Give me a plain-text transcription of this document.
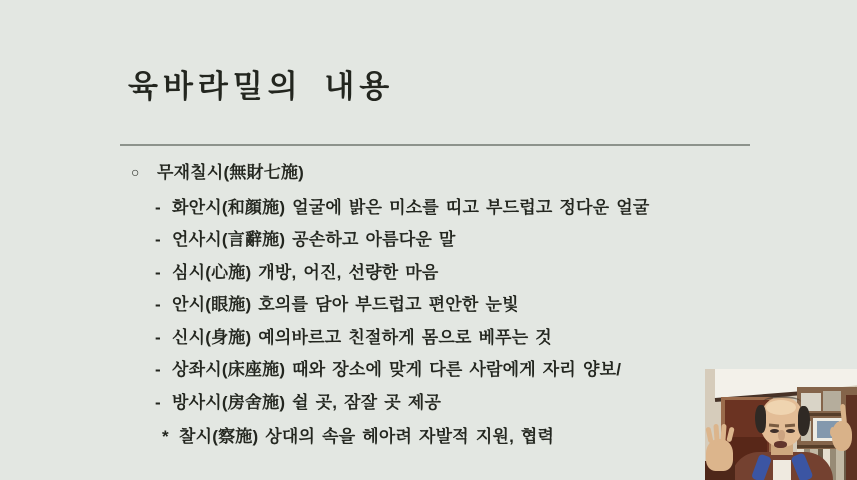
육바라밀의 내용
○ 무재칠시(無財七施)
- 화안시(和顔施) 얼굴에 밝은 미소를 띠고 부드럽고 정다운 얼굴
- 언사시(言辭施) 공손하고 아름다운 말
- 심시(心施) 개방, 어진, 선량한 마음
- 안시(眼施) 호의를 담아 부드럽고 편안한 눈빛
- 신시(身施) 예의바르고 친절하게 몸으로 베푸는 것
- 상좌시(床座施) 때와 장소에 맞게 다른 사람에게 자리 양보/
- 방사시(房舍施) 쉴 곳, 잠잘 곳 제공
* 찰시(察施) 상대의 속을 헤아려 자발적 지원, 협력
